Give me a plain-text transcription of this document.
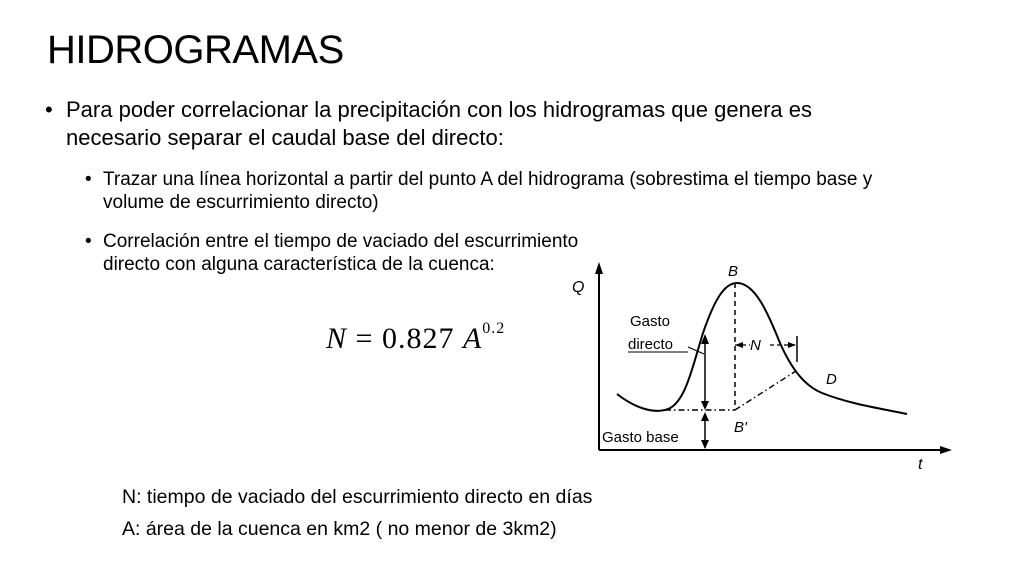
HIDROGRAMAS
• Para poder correlacionar la precipitación con los hidrogramas que genera es necesario separar el caudal base del directo:
• Trazar una línea horizontal a partir del punto A del hidrograma (sobrestima el tiempo base y volume de escurrimiento directo)
• Correlación entre el tiempo de vaciado del escurrimiento directo con alguna característica de la cuenca:
N = 0.827 $A^{0.2}$
Q
t
N
B
B'
D
Gasto
directo
Gasto base
N: tiempo de vaciado del escurrimiento directo en días
A: área de la cuenca en km2 ( no menor de 3km2)
